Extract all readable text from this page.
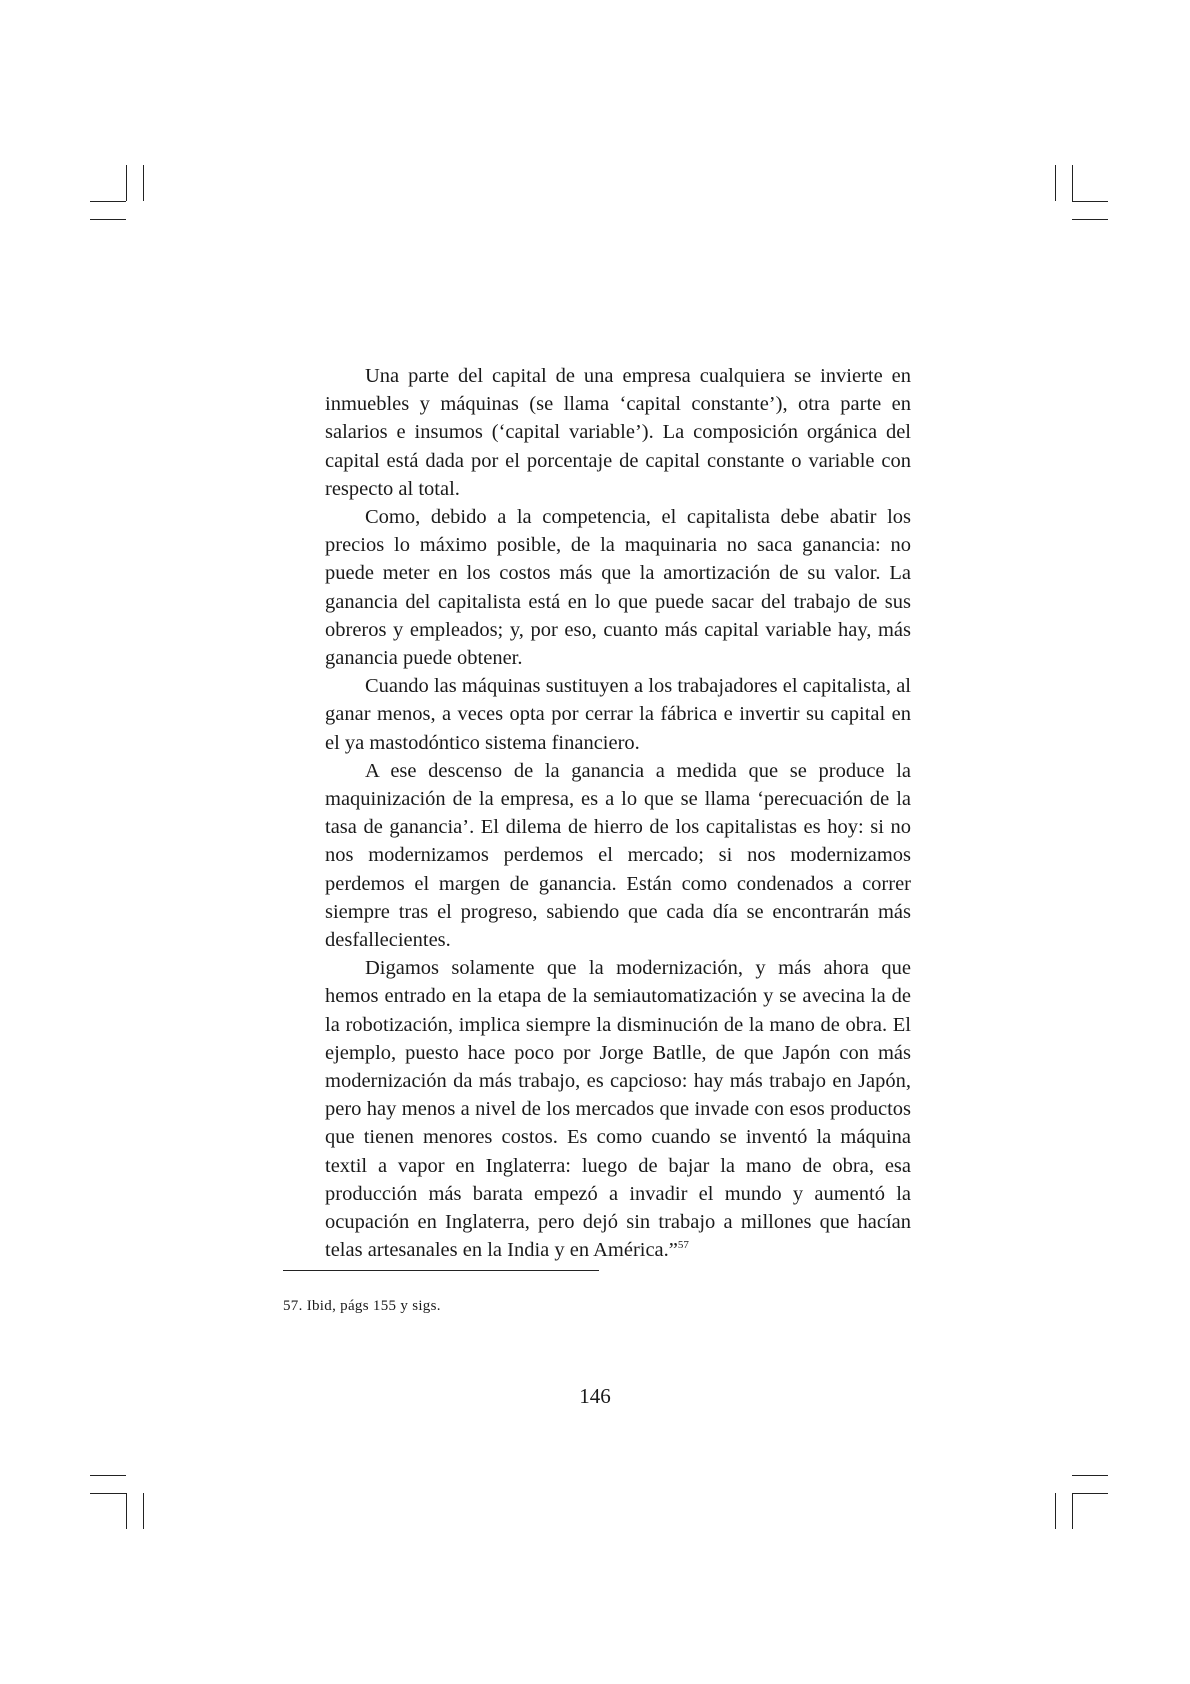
Una parte del capital de una empresa cualquiera se invierte en inmuebles y máquinas (se llama ‘capital constante’), otra parte en salarios e insumos (‘capital variable’). La composición orgánica del capital está dada por el porcentaje de capital constante o variable con respecto al total.

Como, debido a la competencia, el capitalista debe abatir los precios lo máximo posible, de la maquinaria no saca ganancia: no puede meter en los costos más que la amortización de su valor. La ganancia del capitalista está en lo que puede sacar del trabajo de sus obreros y empleados; y, por eso, cuanto más capital variable hay, más ganancia puede obtener.

Cuando las máquinas sustituyen a los trabajadores el capitalista, al ganar menos, a veces opta por cerrar la fábrica e invertir su capital en el ya mastodóntico sistema financiero.

A ese descenso de la ganancia a medida que se produce la maquinización de la empresa, es a lo que se llama ‘perecuación de la tasa de ganancia’. El dilema de hierro de los capitalistas es hoy: si no nos modernizamos perdemos el mercado; si nos modernizamos perdemos el margen de ganancia. Están como condenados a correr siempre tras el progreso, sabiendo que cada día se encontrarán más desfallecientes.

Digamos solamente que la modernización, y más ahora que hemos entrado en la etapa de la semiautomatización y se avecina la de la robotización, implica siempre la disminución de la mano de obra. El ejemplo, puesto hace poco por Jorge Batlle, de que Japón con más modernización da más trabajo, es capcioso: hay más trabajo en Japón, pero hay menos a nivel de los mercados que invade con esos productos que tienen menores costos. Es como cuando se inventó la máquina textil a vapor en Inglaterra: luego de bajar la mano de obra, esa producción más barata empezó a invadir el mundo y aumentó la ocupación en Inglaterra, pero dejó sin trabajo a millones que hacían telas artesanales en la India y en América.”$^{57}$

57. Ibid, págs 155 y sigs.
146
